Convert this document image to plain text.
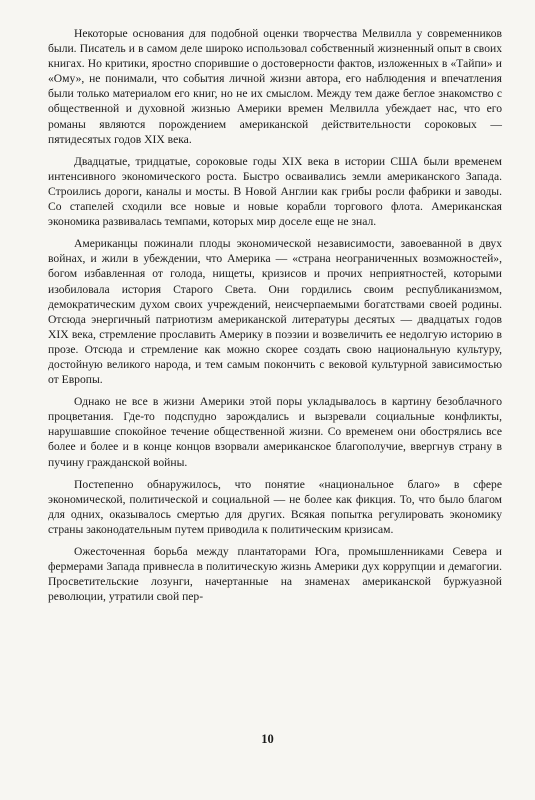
Некоторые основания для подобной оценки творчества Мелвилла у современников были. Писатель и в самом деле широко использовал собственный жизненный опыт в своих книгах. Но критики, яростно спорившие о достоверности фактов, изложенных в «Тайпи» и «Ому», не понимали, что события личной жизни автора, его наблюдения и впечатления были только материалом его книг, но не их смыслом. Между тем даже беглое знакомство с общественной и духовной жизнью Америки времен Мелвилла убеждает нас, что его романы являются порождением американской действительности сороковых — пятидесятых годов XIX века.

Двадцатые, тридцатые, сороковые годы XIX века в истории США были временем интенсивного экономического роста. Быстро осваивались земли американского Запада. Строились дороги, каналы и мосты. В Новой Англии как грибы росли фабрики и заводы. Со стапелей сходили все новые и новые корабли торгового флота. Американская экономика развивалась темпами, которых мир доселе еще не знал.

Американцы пожинали плоды экономической независимости, завоеванной в двух войнах, и жили в убеждении, что Америка — «страна неограниченных возможностей», богом избавленная от голода, нищеты, кризисов и прочих неприятностей, которыми изобиловала история Старого Света. Они гордились своим республиканизмом, демократическим духом своих учреждений, неисчерпаемыми богатствами своей родины. Отсюда энергичный патриотизм американской литературы десятых — двадцатых годов XIX века, стремление прославить Америку в поэзии и возвеличить ее недолгую историю в прозе. Отсюда и стремление как можно скорее создать свою национальную культуру, достойную великого народа, и тем самым покончить с вековой культурной зависимостью от Европы.

Однако не все в жизни Америки этой поры укладывалось в картину безоблачного процветания. Где-то подспудно зарождались и вызревали социальные конфликты, нарушавшие спокойное течение общественной жизни. Со временем они обострялись все более и более и в конце концов взорвали американское благополучие, ввергнув страну в пучину гражданской войны.

Постепенно обнаружилось, что понятие «национальное благо» в сфере экономической, политической и социальной — не более как фикция. То, что было благом для одних, оказывалось смертью для других. Всякая попытка регулировать экономику страны законодательным путем приводила к политическим кризисам.

Ожесточенная борьба между плантаторами Юга, промышленниками Севера и фермерами Запада привнесла в политическую жизнь Америки дух коррупции и демагогии. Просветительские лозунги, начертанные на знаменах американской буржуазной революции, утратили свой пер-

10
